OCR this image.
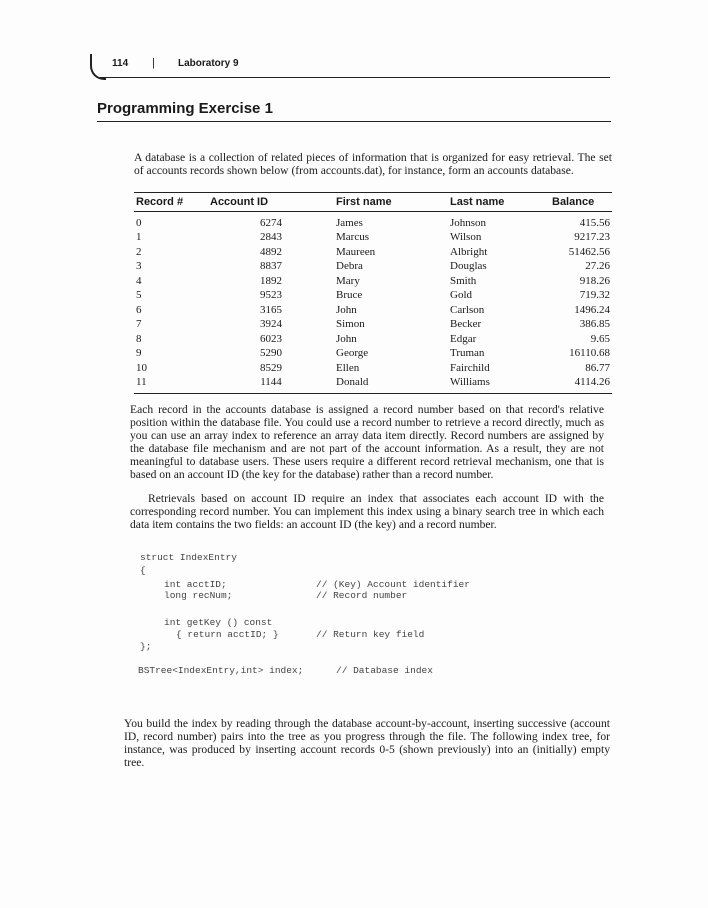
114 | Laboratory 9
Programming Exercise 1

A database is a collection of related pieces of information that is organized for easy retrieval. The set of accounts records shown below (from accounts.dat), for instance, form an accounts database.

Record #	Account ID	First name	Last name	Balance
0	6274	James	Johnson	415.56
1	2843	Marcus	Wilson	9217.23
2	4892	Maureen	Albright	51462.56
3	8837	Debra	Douglas	27.26
4	1892	Mary	Smith	918.26
5	9523	Bruce	Gold	719.32
6	3165	John	Carlson	1496.24
7	3924	Simon	Becker	386.85
8	6023	John	Edgar	9.65
9	5290	George	Truman	16110.68
10	8529	Ellen	Fairchild	86.77
11	1144	Donald	Williams	4114.26

Each record in the accounts database is assigned a record number based on that record's relative position within the database file. You could use a record number to retrieve a record directly, much as you can use an array index to reference an array data item directly. Record numbers are assigned by the database file mechanism and are not part of the account information. As a result, they are not meaningful to database users. These users require a different record retrieval mechanism, one that is based on an account ID (the key for the database) rather than a record number.

Retrievals based on account ID require an index that associates each account ID with the corresponding record number. You can implement this index using a binary search tree in which each data item contains the two fields: an account ID (the key) and a record number.

struct IndexEntry
{
int acctID;	// (Key) Account identifier
long recNum;	// Record number
int getKey () const
{ return acctID; }	// Return key field
};
BSTree<IndexEntry,int> index;	// Database index

You build the index by reading through the database account-by-account, inserting successive (account ID, record number) pairs into the tree as you progress through the file. The following index tree, for instance, was produced by inserting account records 0-5 (shown previously) into an (initially) empty tree.
